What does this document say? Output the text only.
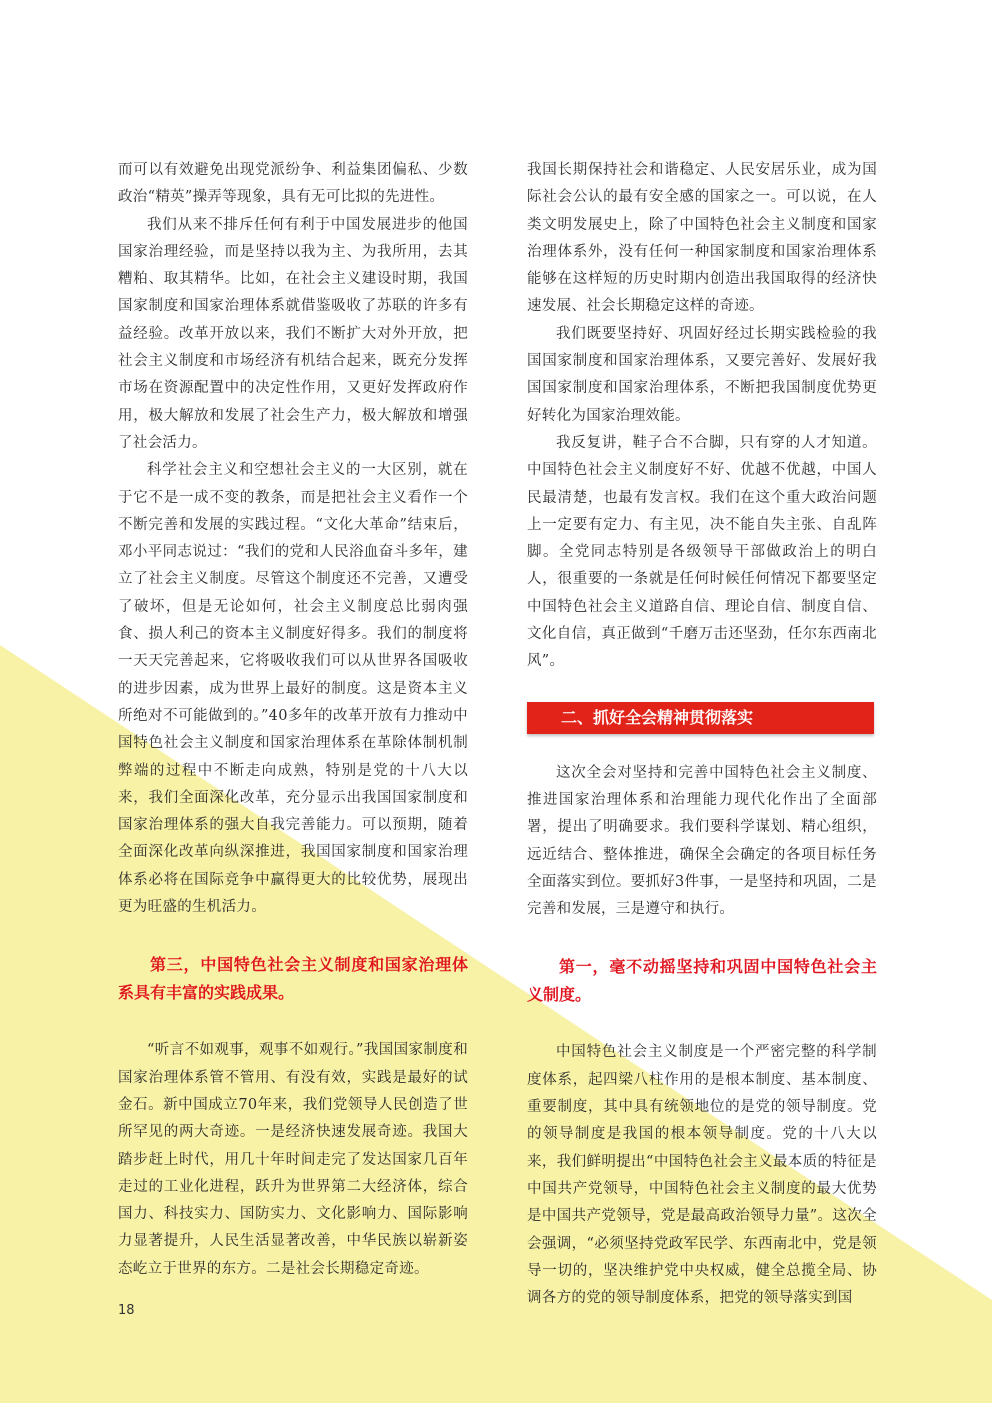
而可以有效避免出现党派纷争、利益集团偏私、少数政治“精英”操弄等现象，具有无可比拟的先进性。

我们从来不排斥任何有利于中国发展进步的他国国家治理经验，而是坚持以我为主、为我所用，去其糟粕、取其精华。比如，在社会主义建设时期，我国国家制度和国家治理体系就借鉴吸收了苏联的许多有益经验。改革开放以来，我们不断扩大对外开放，把社会主义制度和市场经济有机结合起来，既充分发挥市场在资源配置中的决定性作用，又更好发挥政府作用，极大解放和发展了社会生产力，极大解放和增强了社会活力。

科学社会主义和空想社会主义的一大区别，就在于它不是一成不变的教条，而是把社会主义看作一个不断完善和发展的实践过程。“文化大革命”结束后，邓小平同志说过：“我们的党和人民浴血奋斗多年，建立了社会主义制度。尽管这个制度还不完善，又遭受了破坏，但是无论如何，社会主义制度总比弱肉强食、损人利己的资本主义制度好得多。我们的制度将一天天完善起来，它将吸收我们可以从世界各国吸收的进步因素，成为世界上最好的制度。这是资本主义所绝对不可能做到的。”40多年的改革开放有力推动中国特色社会主义制度和国家治理体系在革除体制机制弊端的过程中不断走向成熟，特别是党的十八大以来，我们全面深化改革，充分显示出我国国家制度和国家治理体系的强大自我完善能力。可以预期，随着全面深化改革向纵深推进，我国国家制度和国家治理体系必将在国际竞争中赢得更大的比较优势，展现出更为旺盛的生机活力。

第三，中国特色社会主义制度和国家治理体系具有丰富的实践成果。

“听言不如观事，观事不如观行。”我国国家制度和国家治理体系管不管用、有没有效，实践是最好的试金石。新中国成立70年来，我们党领导人民创造了世所罕见的两大奇迹。一是经济快速发展奇迹。我国大踏步赶上时代，用几十年时间走完了发达国家几百年走过的工业化进程，跃升为世界第二大经济体，综合国力、科技实力、国防实力、文化影响力、国际影响力显著提升，人民生活显著改善，中华民族以崭新姿态屹立于世界的东方。二是社会长期稳定奇迹。

我国长期保持社会和谐稳定、人民安居乐业，成为国际社会公认的最有安全感的国家之一。可以说，在人类文明发展史上，除了中国特色社会主义制度和国家治理体系外，没有任何一种国家制度和国家治理体系能够在这样短的历史时期内创造出我国取得的经济快速发展、社会长期稳定这样的奇迹。

我们既要坚持好、巩固好经过长期实践检验的我国国家制度和国家治理体系，又要完善好、发展好我国国家制度和国家治理体系，不断把我国制度优势更好转化为国家治理效能。

我反复讲，鞋子合不合脚，只有穿的人才知道。中国特色社会主义制度好不好、优越不优越，中国人民最清楚，也最有发言权。我们在这个重大政治问题上一定要有定力、有主见，决不能自失主张、自乱阵脚。全党同志特别是各级领导干部做政治上的明白人，很重要的一条就是任何时候任何情况下都要坚定中国特色社会主义道路自信、理论自信、制度自信、文化自信，真正做到“千磨万击还坚劲，任尔东西南北风”。

二、抓好全会精神贯彻落实

这次全会对坚持和完善中国特色社会主义制度、推进国家治理体系和治理能力现代化作出了全面部署，提出了明确要求。我们要科学谋划、精心组织，远近结合、整体推进，确保全会确定的各项目标任务全面落实到位。要抓好3件事，一是坚持和巩固，二是完善和发展，三是遵守和执行。

第一，毫不动摇坚持和巩固中国特色社会主义制度。

中国特色社会主义制度是一个严密完整的科学制度体系，起四梁八柱作用的是根本制度、基本制度、重要制度，其中具有统领地位的是党的领导制度。党的领导制度是我国的根本领导制度。党的十八大以来，我们鲜明提出“中国特色社会主义最本质的特征是中国共产党领导，中国特色社会主义制度的最大优势是中国共产党领导，党是最高政治领导力量”。这次全会强调，“必须坚持党政军民学、东西南北中，党是领导一切的，坚决维护党中央权威，健全总揽全局、协调各方的党的领导制度体系，把党的领导落实到国

18
